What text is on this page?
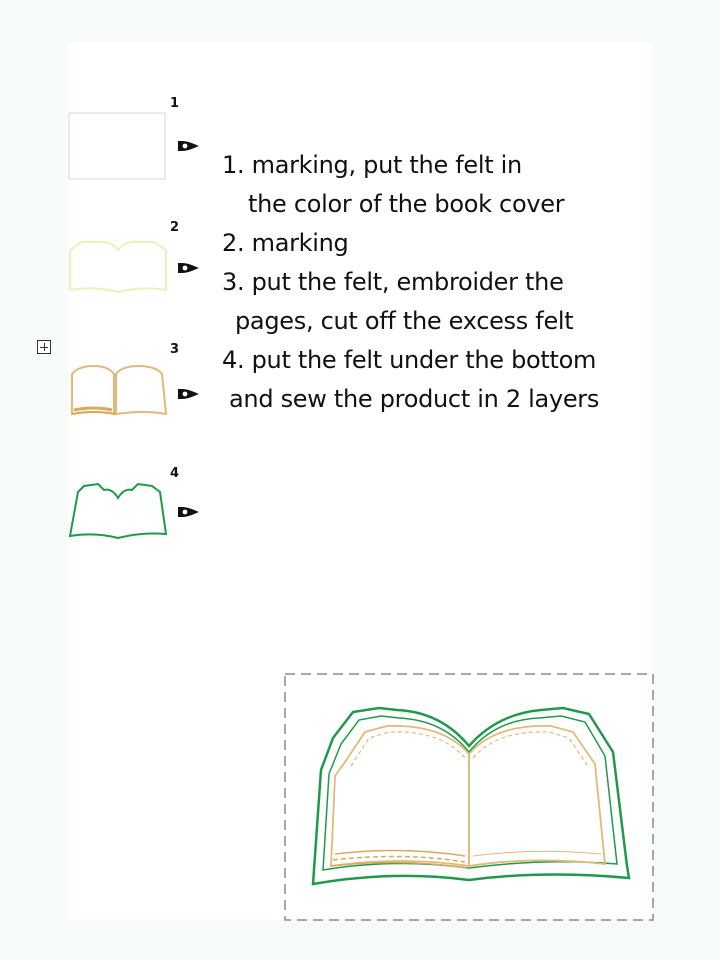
1
2
3
4
1. marking, put the felt in
the color of the book cover
2. marking
3. put the felt, embroider the
pages, cut off the excess felt
4. put the felt under the bottom
and sew the product in 2 layers
